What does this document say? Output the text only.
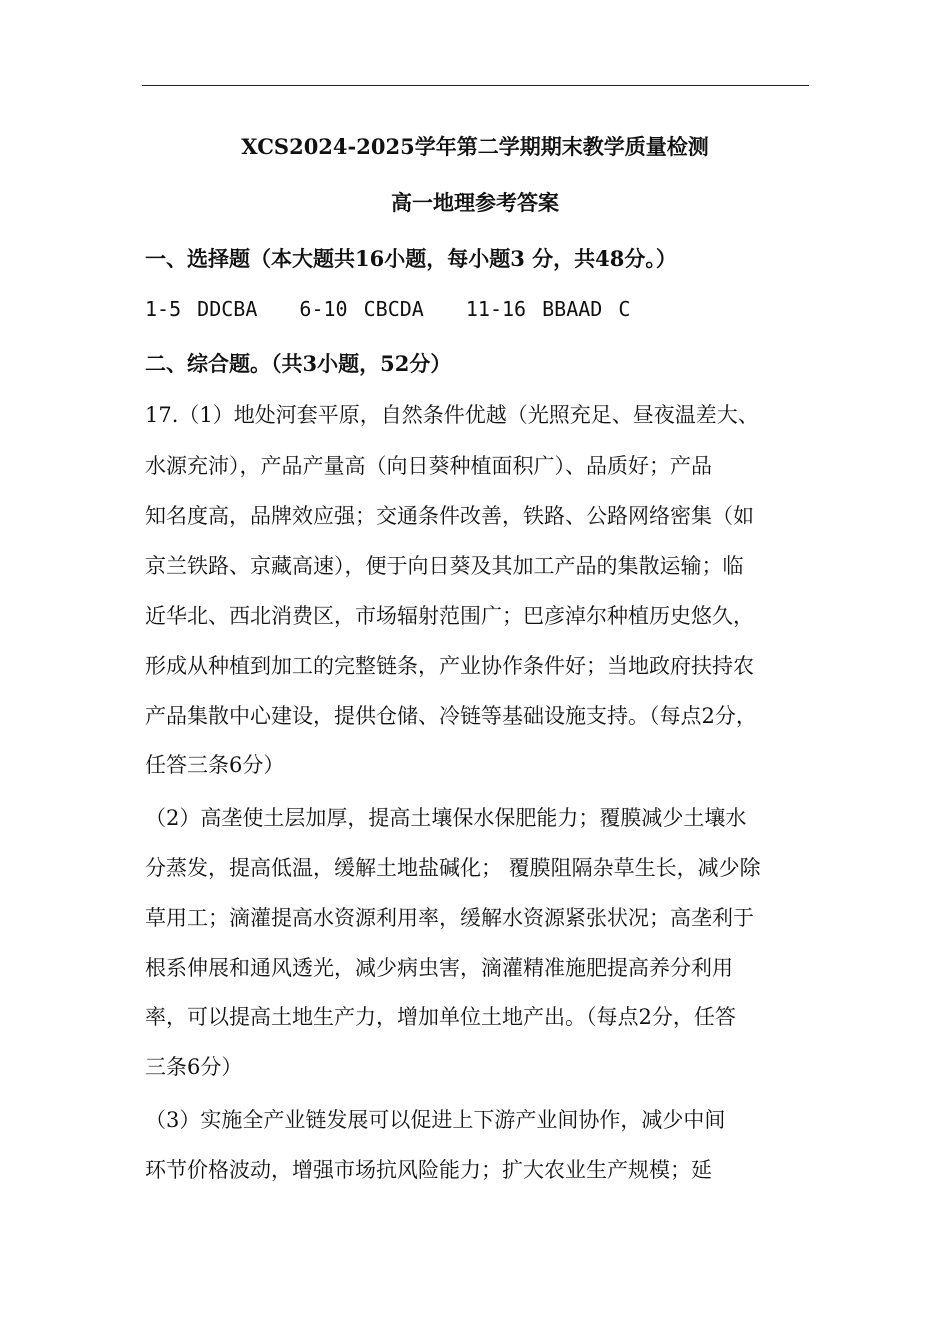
XCS2024-2025学年第二学期期末教学质量检测
高一地理参考答案
一、选择题（本大题共16小题，每小题3 分，共48分。）
1-5 DDCBA 6-10 CBCDA 11-16 BBAAD C
二、综合题。（共3小题，52分）
17.（1）地处河套平原，自然条件优越（光照充足、昼夜温差大、
水源充沛），产品产量高（向日葵种植面积广）、品质好；产品
知名度高，品牌效应强；交通条件改善，铁路、公路网络密集（如
京兰铁路、京藏高速），便于向日葵及其加工产品的集散运输；临
近华北、西北消费区，市场辐射范围广；巴彦淖尔种植历史悠久，
形成从种植到加工的完整链条，产业协作条件好；当地政府扶持农
产品集散中心建设，提供仓储、冷链等基础设施支持。（每点2分，
任答三条6分）
（2）高垄使土层加厚，提高土壤保水保肥能力；覆膜减少土壤水
分蒸发，提高低温，缓解土地盐碱化； 覆膜阻隔杂草生长，减少除
草用工；滴灌提高水资源利用率，缓解水资源紧张状况；高垄利于
根系伸展和通风透光，减少病虫害，滴灌精准施肥提高养分利用
率，可以提高土地生产力，增加单位土地产出。（每点2分，任答
三条6分）
（3）实施全产业链发展可以促进上下游产业间协作，减少中间
环节价格波动，增强市场抗风险能力；扩大农业生产规模；延
